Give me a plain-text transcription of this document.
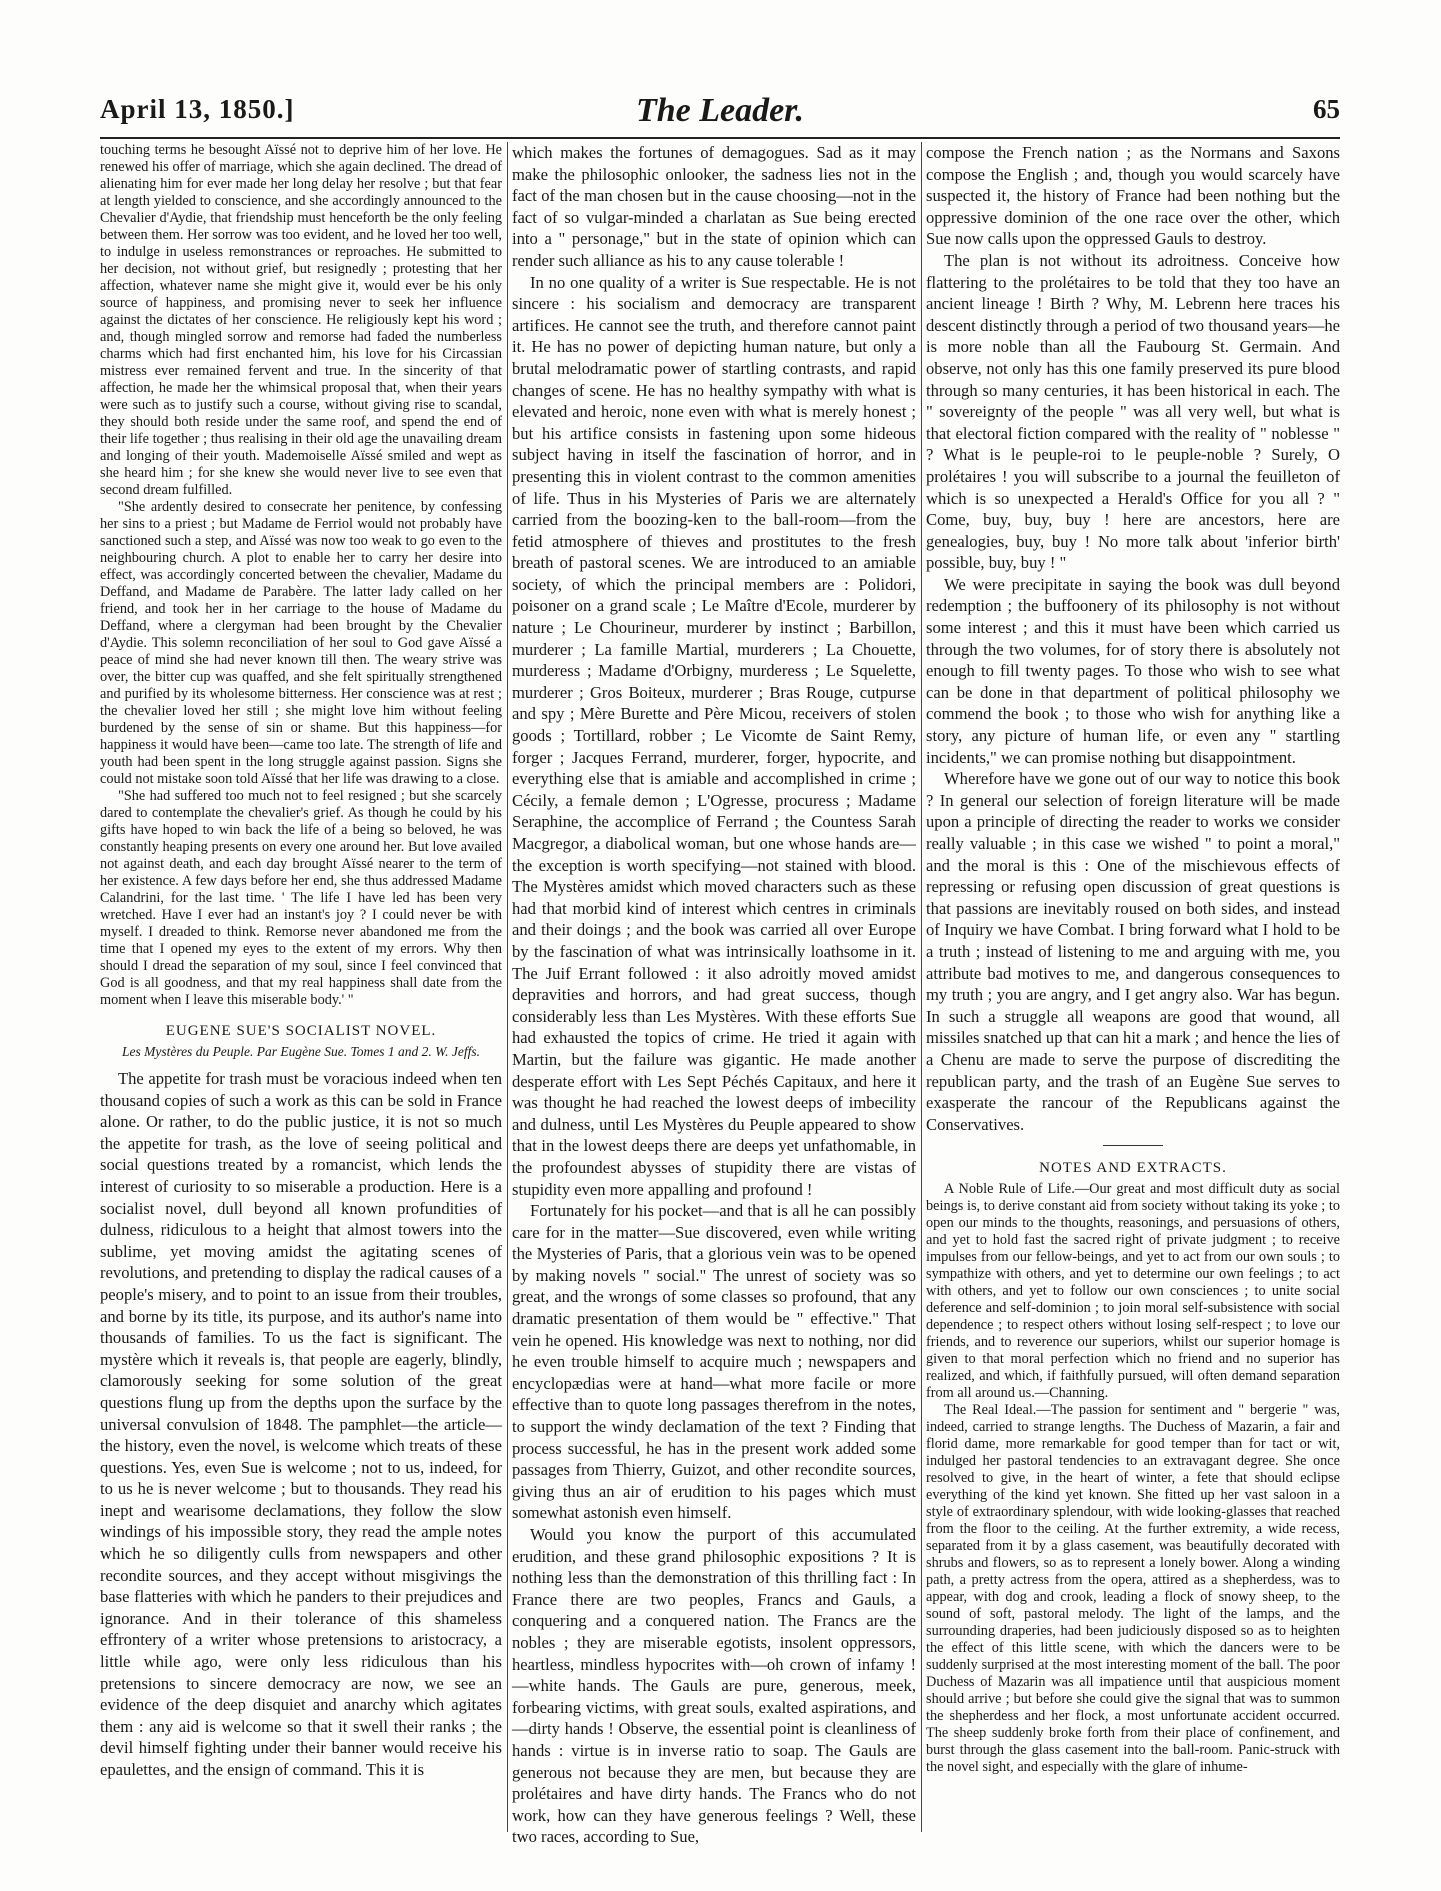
April 13, 1850.]	The Leader.	65

touching terms he besought Aïssé not to deprive him of her love. He renewed his offer of marriage, which she again declined. The dread of alienating him for ever made her long delay her resolve ; but that fear at length yielded to conscience, and she accordingly announced to the Chevalier d'Aydie, that friendship must henceforth be the only feeling between them. Her sorrow was too evident, and he loved her too well, to indulge in useless remonstrances or reproaches. He submitted to her decision, not without grief, but resignedly ; protesting that her affection, whatever name she might give it, would ever be his only source of happiness, and promising never to seek her influence against the dictates of her conscience. He religiously kept his word ; and, though mingled sorrow and remorse had faded the numberless charms which had first enchanted him, his love for his Circassian mistress ever remained fervent and true. In the sincerity of that affection, he made her the whimsical proposal that, when their years were such as to justify such a course, without giving rise to scandal, they should both reside under the same roof, and spend the end of their life together ; thus realising in their old age the unavailing dream and longing of their youth. Mademoiselle Aïssé smiled and wept as she heard him ; for she knew she would never live to see even that second dream fulfilled.

"She ardently desired to consecrate her penitence, by confessing her sins to a priest ; but Madame de Ferriol would not probably have sanctioned such a step, and Aïssé was now too weak to go even to the neighbouring church. A plot to enable her to carry her desire into effect, was accordingly concerted between the chevalier, Madame du Deffand, and Madame de Parabère. The latter lady called on her friend, and took her in her carriage to the house of Madame du Deffand, where a clergyman had been brought by the Chevalier d'Aydie. This solemn reconciliation of her soul to God gave Aïssé a peace of mind she had never known till then. The weary strive was over, the bitter cup was quaffed, and she felt spiritually strengthened and purified by its wholesome bitterness. Her conscience was at rest ; the chevalier loved her still ; she might love him without feeling burdened by the sense of sin or shame. But this happiness—for happiness it would have been—came too late. The strength of life and youth had been spent in the long struggle against passion. Signs she could not mistake soon told Aïssé that her life was drawing to a close.

"She had suffered too much not to feel resigned ; but she scarcely dared to contemplate the chevalier's grief. As though he could by his gifts have hoped to win back the life of a being so beloved, he was constantly heaping presents on every one around her. But love availed not against death, and each day brought Aïssé nearer to the term of her existence. A few days before her end, she thus addressed Madame Calandrini, for the last time. ' The life I have led has been very wretched. Have I ever had an instant's joy ? I could never be with myself. I dreaded to think. Remorse never abandoned me from the time that I opened my eyes to the extent of my errors. Why then should I dread the separation of my soul, since I feel convinced that God is all goodness, and that my real happiness shall date from the moment when I leave this miserable body.' "

EUGENE SUE'S SOCIALIST NOVEL.
Les Mystères du Peuple. Par Eugène Sue. Tomes 1 and 2. W. Jeffs.

The appetite for trash must be voracious indeed when ten thousand copies of such a work as this can be sold in France alone. Or rather, to do the public justice, it is not so much the appetite for trash, as the love of seeing political and social questions treated by a romancist, which lends the interest of curiosity to so miserable a production. Here is a socialist novel, dull beyond all known profundities of dulness, ridiculous to a height that almost towers into the sublime, yet moving amidst the agitating scenes of revolutions, and pretending to display the radical causes of a people's misery, and to point to an issue from their troubles, and borne by its title, its purpose, and its author's name into thousands of families. To us the fact is significant. The mystère which it reveals is, that people are eagerly, blindly, clamorously seeking for some solution of the great questions flung up from the depths upon the surface by the universal convulsion of 1848. The pamphlet—the article—the history, even the novel, is welcome which treats of these questions. Yes, even Sue is welcome ; not to us, indeed, for to us he is never welcome ; but to thousands. They read his inept and wearisome declamations, they follow the slow windings of his impossible story, they read the ample notes which he so diligently culls from newspapers and other recondite sources, and they accept without misgivings the base flatteries with which he panders to their prejudices and ignorance. And in their tolerance of this shameless effrontery of a writer whose pretensions to aristocracy, a little while ago, were only less ridiculous than his pretensions to sincere democracy are now, we see an evidence of the deep disquiet and anarchy which agitates them : any aid is welcome so that it swell their ranks ; the devil himself fighting under their banner would receive his epaulettes, and the ensign of command. This it is

which makes the fortunes of demagogues. Sad as it may make the philosophic onlooker, the sadness lies not in the fact of the man chosen but in the cause choosing—not in the fact of so vulgar-minded a charlatan as Sue being erected into a " personage," but in the state of opinion which can render such alliance as his to any cause tolerable !

In no one quality of a writer is Sue respectable. He is not sincere : his socialism and democracy are transparent artifices. He cannot see the truth, and therefore cannot paint it. He has no power of depicting human nature, but only a brutal melodramatic power of startling contrasts, and rapid changes of scene. He has no healthy sympathy with what is elevated and heroic, none even with what is merely honest ; but his artifice consists in fastening upon some hideous subject having in itself the fascination of horror, and in presenting this in violent contrast to the common amenities of life. Thus in his Mysteries of Paris we are alternately carried from the boozing-ken to the ball-room—from the fetid atmosphere of thieves and prostitutes to the fresh breath of pastoral scenes. We are introduced to an amiable society, of which the principal members are : Polidori, poisoner on a grand scale ; Le Maître d'Ecole, murderer by nature ; Le Chourineur, murderer by instinct ; Barbillon, murderer ; La famille Martial, murderers ; La Chouette, murderess ; Madame d'Orbigny, murderess ; Le Squelette, murderer ; Gros Boiteux, murderer ; Bras Rouge, cutpurse and spy ; Mère Burette and Père Micou, receivers of stolen goods ; Tortillard, robber ; Le Vicomte de Saint Remy, forger ; Jacques Ferrand, murderer, forger, hypocrite, and everything else that is amiable and accomplished in crime ; Cécily, a female demon ; L'Ogresse, procuress ; Madame Seraphine, the accomplice of Ferrand ; the Countess Sarah Macgregor, a diabolical woman, but one whose hands are—the exception is worth specifying—not stained with blood. The Mystères amidst which moved characters such as these had that morbid kind of interest which centres in criminals and their doings ; and the book was carried all over Europe by the fascination of what was intrinsically loathsome in it. The Juif Errant followed : it also adroitly moved amidst depravities and horrors, and had great success, though considerably less than Les Mystères. With these efforts Sue had exhausted the topics of crime. He tried it again with Martin, but the failure was gigantic. He made another desperate effort with Les Sept Péchés Capitaux, and here it was thought he had reached the lowest deeps of imbecility and dulness, until Les Mystères du Peuple appeared to show that in the lowest deeps there are deeps yet unfathomable, in the profoundest abysses of stupidity there are vistas of stupidity even more appalling and profound !

Fortunately for his pocket—and that is all he can possibly care for in the matter—Sue discovered, even while writing the Mysteries of Paris, that a glorious vein was to be opened by making novels " social." The unrest of society was so great, and the wrongs of some classes so profound, that any dramatic presentation of them would be " effective." That vein he opened. His knowledge was next to nothing, nor did he even trouble himself to acquire much ; newspapers and encyclopædias were at hand—what more facile or more effective than to quote long passages therefrom in the notes, to support the windy declamation of the text ? Finding that process successful, he has in the present work added some passages from Thierry, Guizot, and other recondite sources, giving thus an air of erudition to his pages which must somewhat astonish even himself.

Would you know the purport of this accumulated erudition, and these grand philosophic expositions ? It is nothing less than the demonstration of this thrilling fact : In France there are two peoples, Francs and Gauls, a conquering and a conquered nation. The Francs are the nobles ; they are miserable egotists, insolent oppressors, heartless, mindless hypocrites with—oh crown of infamy !—white hands. The Gauls are pure, generous, meek, forbearing victims, with great souls, exalted aspirations, and—dirty hands ! Observe, the essential point is cleanliness of hands : virtue is in inverse ratio to soap. The Gauls are generous not because they are men, but because they are prolétaires and have dirty hands. The Francs who do not work, how can they have generous feelings ? Well, these two races, according to Sue,

compose the French nation ; as the Normans and Saxons compose the English ; and, though you would scarcely have suspected it, the history of France had been nothing but the oppressive dominion of the one race over the other, which Sue now calls upon the oppressed Gauls to destroy.

The plan is not without its adroitness. Conceive how flattering to the prolétaires to be told that they too have an ancient lineage ! Birth ? Why, M. Lebrenn here traces his descent distinctly through a period of two thousand years—he is more noble than all the Faubourg St. Germain. And observe, not only has this one family preserved its pure blood through so many centuries, it has been historical in each. The " sovereignty of the people " was all very well, but what is that electoral fiction compared with the reality of " noblesse " ? What is le peuple-roi to le peuple-noble ? Surely, O prolétaires ! you will subscribe to a journal the feuilleton of which is so unexpected a Herald's Office for you all ? " Come, buy, buy, buy ! here are ancestors, here are genealogies, buy, buy ! No more talk about 'inferior birth' possible, buy, buy ! "

We were precipitate in saying the book was dull beyond redemption ; the buffoonery of its philosophy is not without some interest ; and this it must have been which carried us through the two volumes, for of story there is absolutely not enough to fill twenty pages. To those who wish to see what can be done in that department of political philosophy we commend the book ; to those who wish for anything like a story, any picture of human life, or even any " startling incidents," we can promise nothing but disappointment.

Wherefore have we gone out of our way to notice this book ? In general our selection of foreign literature will be made upon a principle of directing the reader to works we consider really valuable ; in this case we wished " to point a moral," and the moral is this : One of the mischievous effects of repressing or refusing open discussion of great questions is that passions are inevitably roused on both sides, and instead of Inquiry we have Combat. I bring forward what I hold to be a truth ; instead of listening to me and arguing with me, you attribute bad motives to me, and dangerous consequences to my truth ; you are angry, and I get angry also. War has begun. In such a struggle all weapons are good that wound, all missiles snatched up that can hit a mark ; and hence the lies of a Chenu are made to serve the purpose of discrediting the republican party, and the trash of an Eugène Sue serves to exasperate the rancour of the Republicans against the Conservatives.

NOTES AND EXTRACTS.

A Noble Rule of Life.—Our great and most difficult duty as social beings is, to derive constant aid from society without taking its yoke ; to open our minds to the thoughts, reasonings, and persuasions of others, and yet to hold fast the sacred right of private judgment ; to receive impulses from our fellow-beings, and yet to act from our own souls ; to sympathize with others, and yet to determine our own feelings ; to act with others, and yet to follow our own consciences ; to unite social deference and self-dominion ; to join moral self-subsistence with social dependence ; to respect others without losing self-respect ; to love our friends, and to reverence our superiors, whilst our superior homage is given to that moral perfection which no friend and no superior has realized, and which, if faithfully pursued, will often demand separation from all around us.—Channing.

The Real Ideal.—The passion for sentiment and " bergerie " was, indeed, carried to strange lengths. The Duchess of Mazarin, a fair and florid dame, more remarkable for good temper than for tact or wit, indulged her pastoral tendencies to an extravagant degree. She once resolved to give, in the heart of winter, a fete that should eclipse everything of the kind yet known. She fitted up her vast saloon in a style of extraordinary splendour, with wide looking-glasses that reached from the floor to the ceiling. At the further extremity, a wide recess, separated from it by a glass casement, was beautifully decorated with shrubs and flowers, so as to represent a lonely bower. Along a winding path, a pretty actress from the opera, attired as a shepherdess, was to appear, with dog and crook, leading a flock of snowy sheep, to the sound of soft, pastoral melody. The light of the lamps, and the surrounding draperies, had been judiciously disposed so as to heighten the effect of this little scene, with which the dancers were to be suddenly surprised at the most interesting moment of the ball. The poor Duchess of Mazarin was all impatience until that auspicious moment should arrive ; but before she could give the signal that was to summon the shepherdess and her flock, a most unfortunate accident occurred. The sheep suddenly broke forth from their place of confinement, and burst through the glass casement into the ball-room. Panic-struck with the novel sight, and especially with the glare of inhume-
